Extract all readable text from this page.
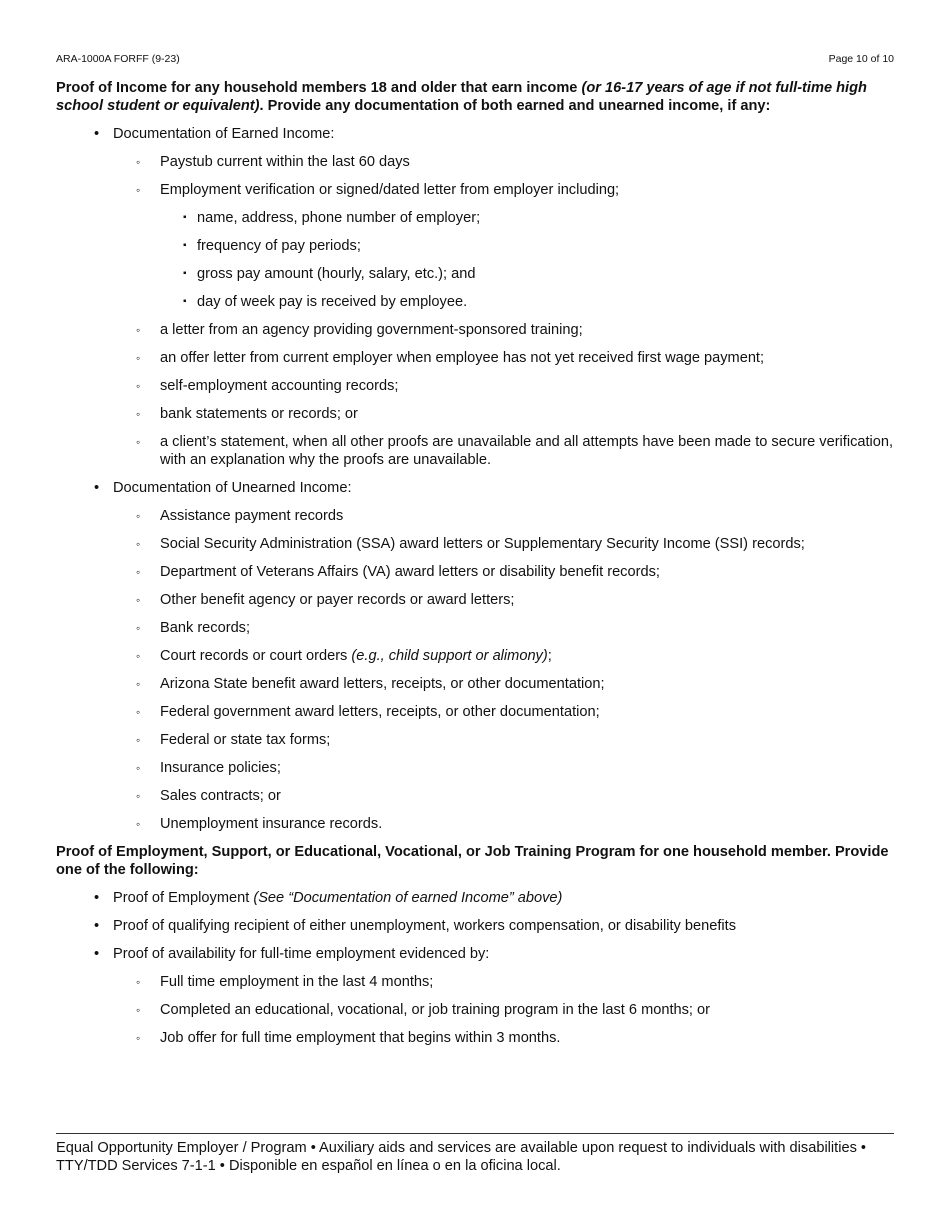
ARA-1000A FORFF (9-23)	Page 10 of 10

Proof of Income for any household members 18 and older that earn income (or 16-17 years of age if not full-time high school student or equivalent). Provide any documentation of both earned and unearned income, if any:

• Documentation of Earned Income:
◦ Paystub current within the last 60 days
◦ Employment verification or signed/dated letter from employer including;
▪ name, address, phone number of employer;
▪ frequency of pay periods;
▪ gross pay amount (hourly, salary, etc.); and
▪ day of week pay is received by employee.
◦ a letter from an agency providing government-sponsored training;
◦ an offer letter from current employer when employee has not yet received first wage payment;
◦ self-employment accounting records;
◦ bank statements or records; or
◦ a client’s statement, when all other proofs are unavailable and all attempts have been made to secure verification, with an explanation why the proofs are unavailable.
• Documentation of Unearned Income:
◦ Assistance payment records
◦ Social Security Administration (SSA) award letters or Supplementary Security Income (SSI) records;
◦ Department of Veterans Affairs (VA) award letters or disability benefit records;
◦ Other benefit agency or payer records or award letters;
◦ Bank records;
◦ Court records or court orders (e.g., child support or alimony);
◦ Arizona State benefit award letters, receipts, or other documentation;
◦ Federal government award letters, receipts, or other documentation;
◦ Federal or state tax forms;
◦ Insurance policies;
◦ Sales contracts; or
◦ Unemployment insurance records.

Proof of Employment, Support, or Educational, Vocational, or Job Training Program for one household member. Provide one of the following:

• Proof of Employment (See “Documentation of earned Income” above)
• Proof of qualifying recipient of either unemployment, workers compensation, or disability benefits
• Proof of availability for full-time employment evidenced by:
◦ Full time employment in the last 4 months;
◦ Completed an educational, vocational, or job training program in the last 6 months; or
◦ Job offer for full time employment that begins within 3 months.
Equal Opportunity Employer / Program • Auxiliary aids and services are available upon request to individuals with disabilities • TTY/TDD Services 7-1-1 • Disponible en español en línea o en la oficina local.
